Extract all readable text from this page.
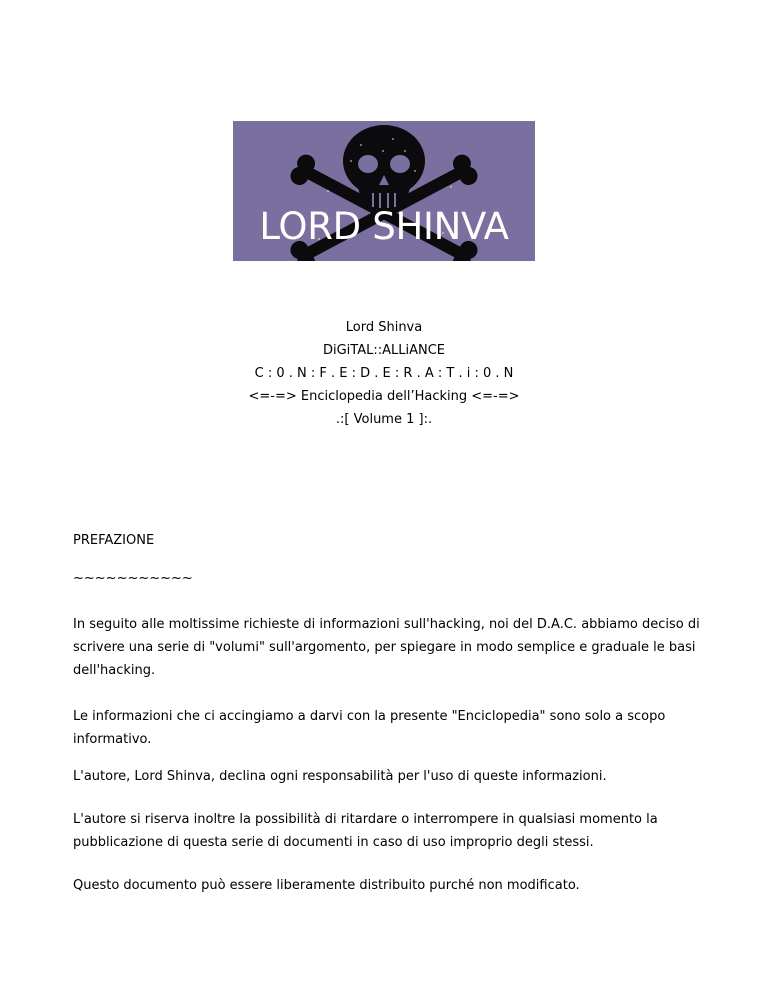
LORD SHINVA
Lord Shinva
DiGiTAL::ALLiANCE
C : 0 . N : F . E : D . E : R . A : T . i : 0 . N
<=-=> Enciclopedia dell’Hacking <=-=>
.:[ Volume 1 ]:.

PREFAZIONE

~~~~~~~~~~~

In seguito alle moltissime richieste di informazioni sull'hacking, noi del D.A.C. abbiamo deciso di scrivere una serie di "volumi" sull'argomento, per spiegare in modo semplice e graduale le basi dell'hacking.

Le informazioni che ci accingiamo a darvi con la presente "Enciclopedia" sono solo a scopo informativo.

L'autore, Lord Shinva, declina ogni responsabilità per l'uso di queste informazioni.

L'autore si riserva inoltre la possibilità di ritardare o interrompere in qualsiasi momento la pubblicazione di questa serie di documenti in caso di uso improprio degli stessi.

Questo documento può essere liberamente distribuito purché non modificato.
